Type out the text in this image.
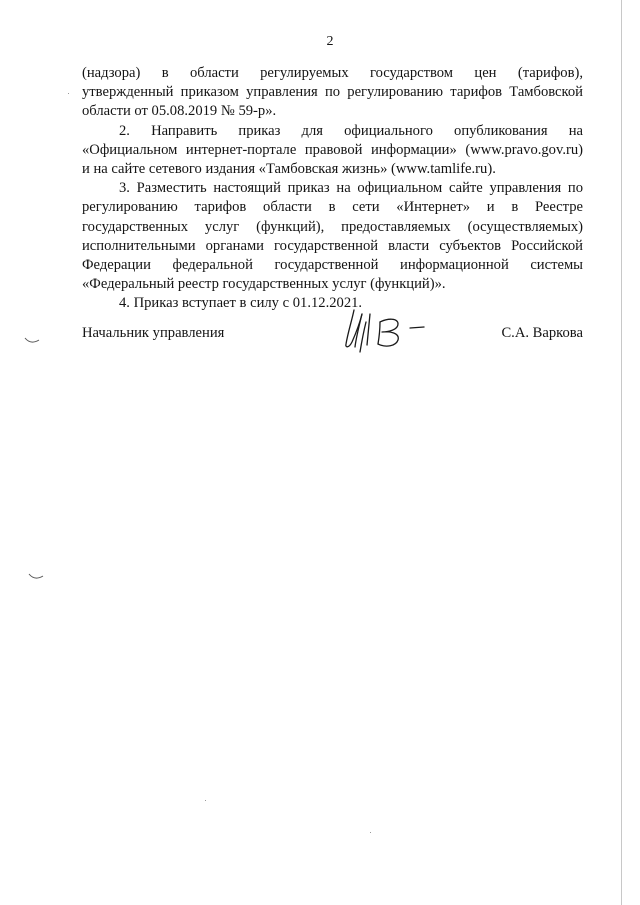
2

(надзора) в области регулируемых государством цен (тарифов),
утвержденный приказом управления по регулированию тарифов Тамбовской

области от 05.08.2019 № 59-р».

2. Направить приказ для официального опубликования на

«Официальном интернет-портале правовой информации» (www.pravo.gov.ru)

и на сайте сетевого издания «Тамбовская жизнь» (www.tamlife.ru).

3. Разместить настоящий приказ на официальном сайте управления по

регулированию тарифов области в сети «Интернет» и в Реестре

государственных услуг (функций), предоставляемых (осуществляемых)

исполнительными органами государственной власти субъектов Российской

Федерации федеральной государственной информационной системы

«Федеральный реестр государственных услуг (функций)».

4. Приказ вступает в силу с 01.12.2021.

Начальник управления	С.А. Варкова
